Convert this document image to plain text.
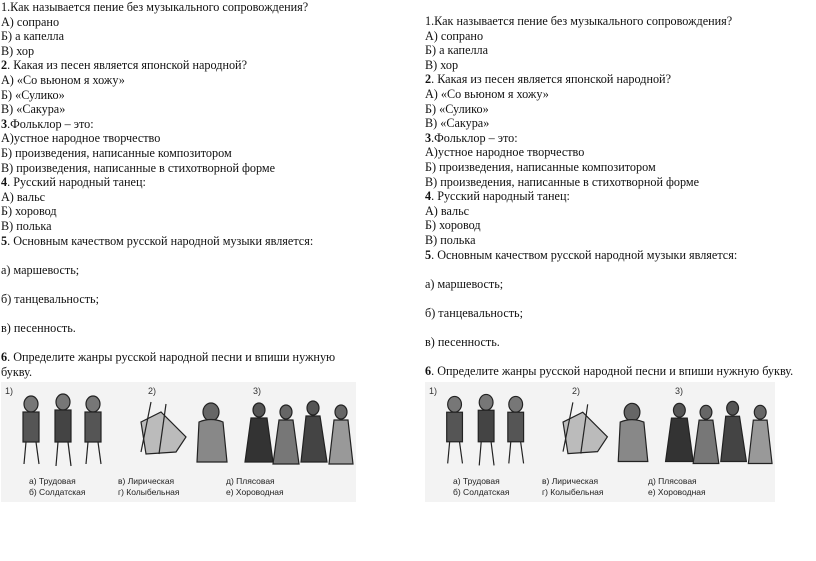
1.Как называется пение без музыкального сопровождения?
А) сопрано
Б) а капелла
В) хор
2. Какая из песен является японской народной?
А) «Со вьюном я хожу»
Б) «Сулико»
В) «Сакура»
3.Фольклор – это:
А)устное народное творчество
Б) произведения, написанные композитором
В) произведения, написанные в стихотворной форме
4. Русский народный танец:
А) вальс
Б) хоровод
В) полька
5. Основным качеством русской народной музыки является:
а) маршевость;
б) танцевальность;
в) песенность.
6. Определите жанры русской народной песни и впиши нужную букву.
1)	2)	3)
а) Трудовая
б) Солдатская
в) Лирическая
г) Колыбельная
д) Плясовая
е) Хороводная
1.Как называется пение без музыкального сопровождения?
А) сопрано
Б) а капелла
В) хор
2. Какая из песен является японской народной?
А) «Со вьюном я хожу»
Б) «Сулико»
В) «Сакура»
3.Фольклор – это:
А)устное народное творчество
Б) произведения, написанные композитором
В) произведения, написанные в стихотворной форме
4. Русский народный танец:
А) вальс
Б) хоровод
В) полька
5. Основным качеством русской народной музыки является:
а) маршевость;
б) танцевальность;
в) песенность.
6. Определите жанры русской народной песни и впиши нужную букву.
1)	2)	3)
а) Трудовая
б) Солдатская
в) Лирическая
г) Колыбельная
д) Плясовая
е) Хороводная
